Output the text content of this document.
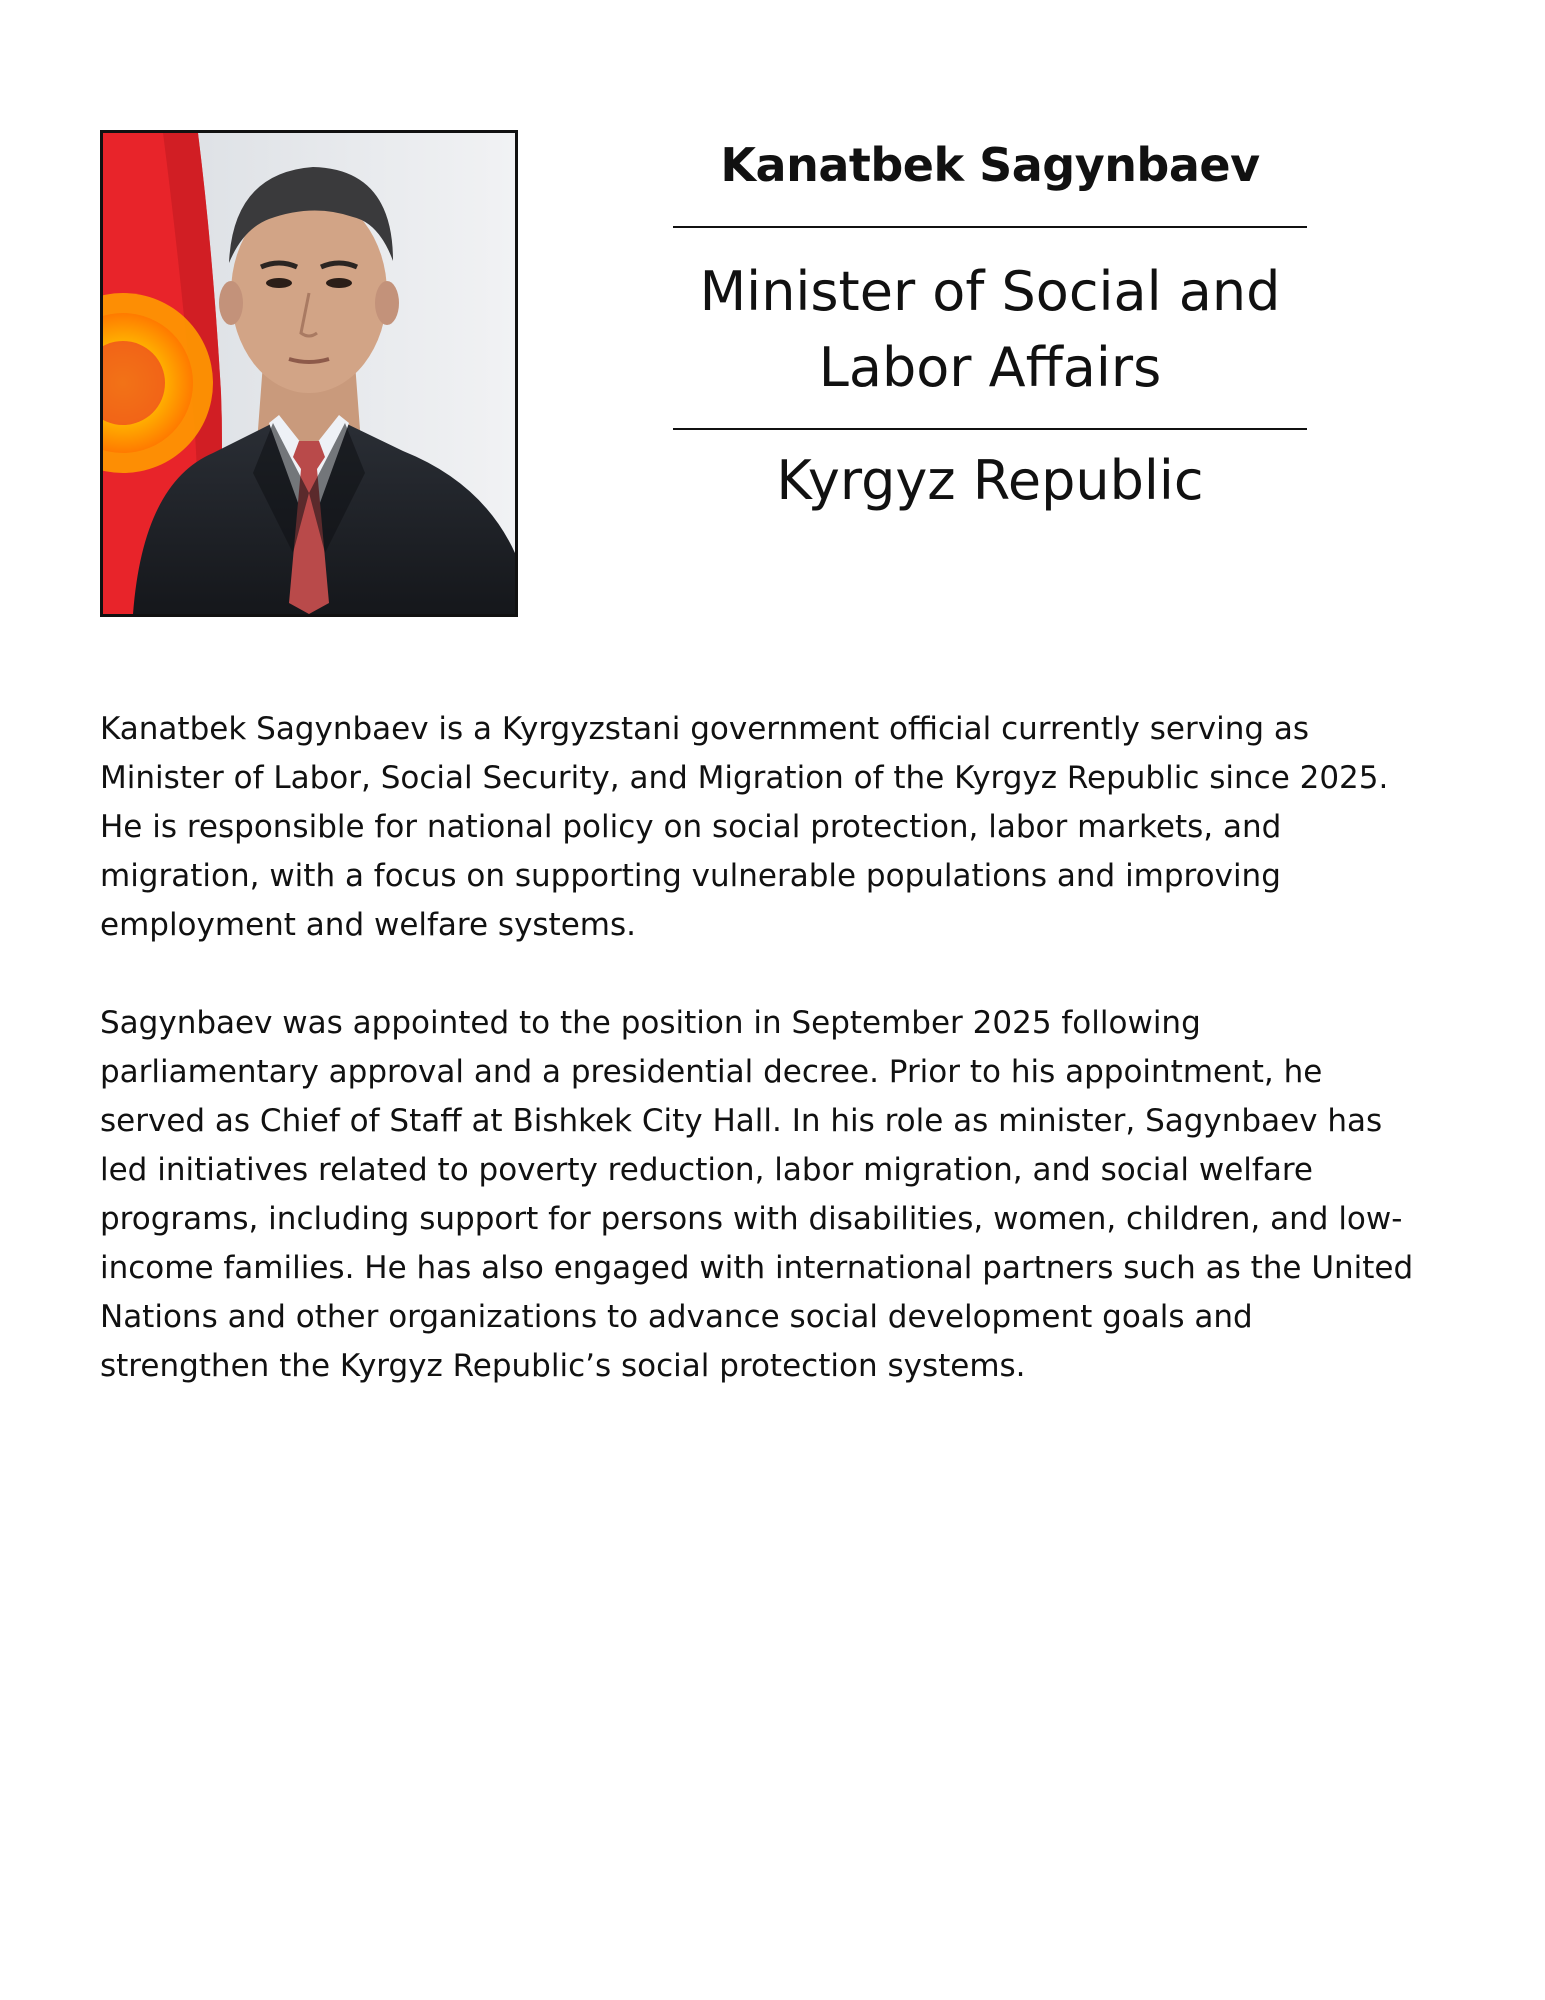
Kanatbek Sagynbaev
Minister of Social and Labor Affairs
Kyrgyz Republic

Kanatbek Sagynbaev is a Kyrgyzstani government official currently serving as Minister of Labor, Social Security, and Migration of the Kyrgyz Republic since 2025. He is responsible for national policy on social protection, labor markets, and migration, with a focus on supporting vulnerable populations and improving employment and welfare systems.

Sagynbaev was appointed to the position in September 2025 following parliamentary approval and a presidential decree. Prior to his appointment, he served as Chief of Staff at Bishkek City Hall. In his role as minister, Sagynbaev has led initiatives related to poverty reduction, labor migration, and social welfare programs, including support for persons with disabilities, women, children, and low-income families. He has also engaged with international partners such as the United Nations and other organizations to advance social development goals and strengthen the Kyrgyz Republic’s social protection systems.
